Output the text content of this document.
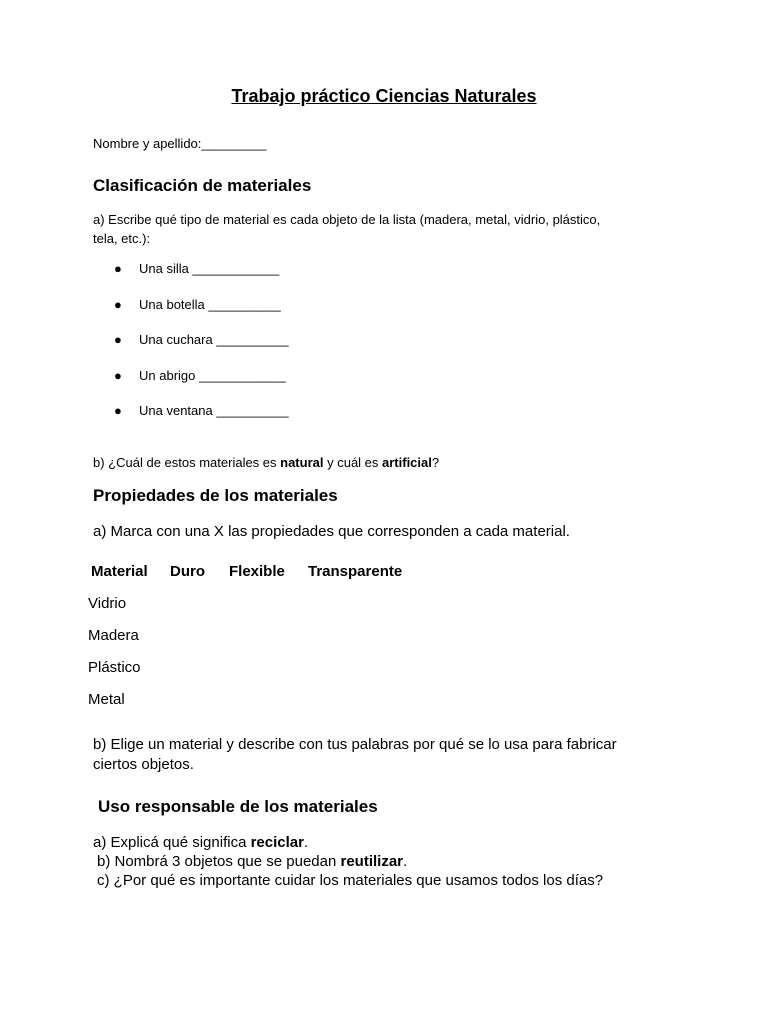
Trabajo práctico Ciencias Naturales
Nombre y apellido:_________
Clasificación de materiales
a) Escribe qué tipo de material es cada objeto de la lista (madera, metal, vidrio, plástico,
tela, etc.):
● Una silla ____________
● Una botella __________
● Una cuchara __________
● Un abrigo ____________
● Una ventana __________
b) ¿Cuál de estos materiales es natural y cuál es artificial?
Propiedades de los materiales
a) Marca con una X las propiedades que corresponden a cada material.
Material Duro Flexible Transparente
Vidrio
Madera
Plástico
Metal
b) Elige un material y describe con tus palabras por qué se lo usa para fabricar
ciertos objetos.
Uso responsable de los materiales
a) Explicá qué significa reciclar.
b) Nombrá 3 objetos que se puedan reutilizar.
c) ¿Por qué es importante cuidar los materiales que usamos todos los días?
